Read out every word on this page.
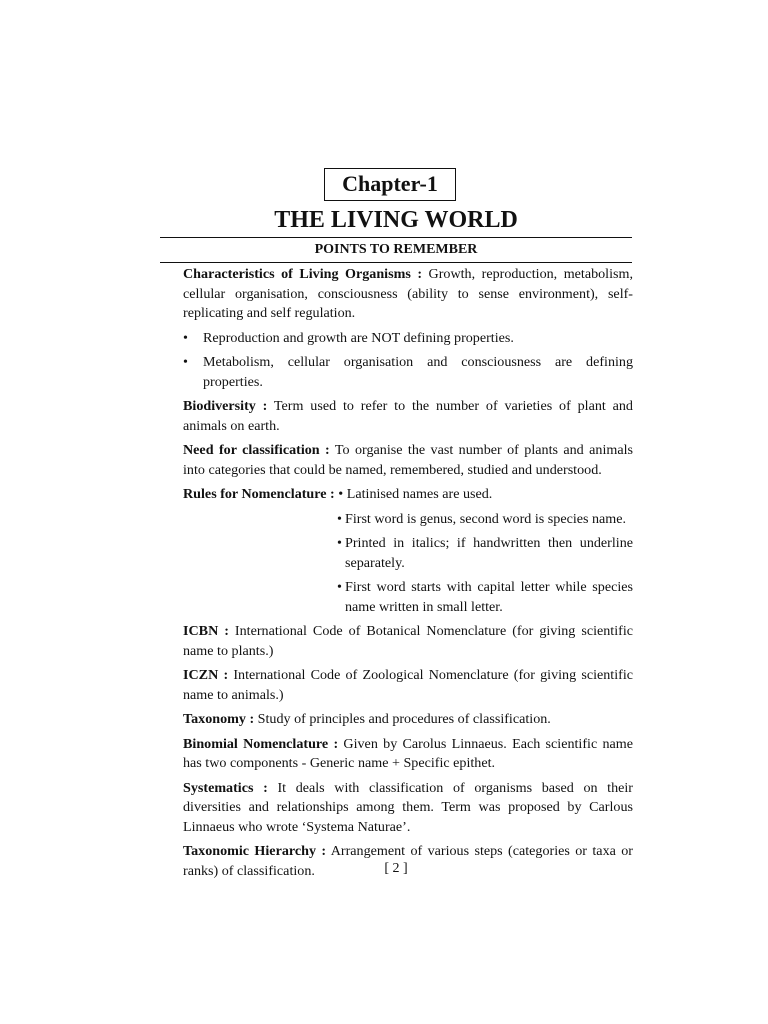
Chapter-1
THE LIVING WORLD
POINTS TO REMEMBER

Characteristics of Living Organisms : Growth, reproduction, metabolism, cellular organisation, consciousness (ability to sense environment), self-replicating and self regulation.

•	Reproduction and growth are NOT defining properties.
•	Metabolism, cellular organisation and consciousness are defining properties.

Biodiversity : Term used to refer to the number of varieties of plant and animals on earth.

Need for classification : To organise the vast number of plants and animals into categories that could be named, remembered, studied and understood.

Rules for Nomenclature : • Latinised names are used.
• First word is genus, second word is species name.
• Printed in italics; if handwritten then underline separately.
• First word starts with capital letter while species name written in small letter.

ICBN : International Code of Botanical Nomenclature (for giving scientific name to plants.)

ICZN : International Code of Zoological Nomenclature (for giving scientific name to animals.)

Taxonomy : Study of principles and procedures of classification.

Binomial Nomenclature : Given by Carolus Linnaeus. Each scientific name has two components - Generic name + Specific epithet.

Systematics : It deals with classification of organisms based on their diversities and relationships among them. Term was proposed by Carlous Linnaeus who wrote ‘Systema Naturae’.

Taxonomic Hierarchy : Arrangement of various steps (categories or taxa or ranks) of classification.	[ 2 ]
